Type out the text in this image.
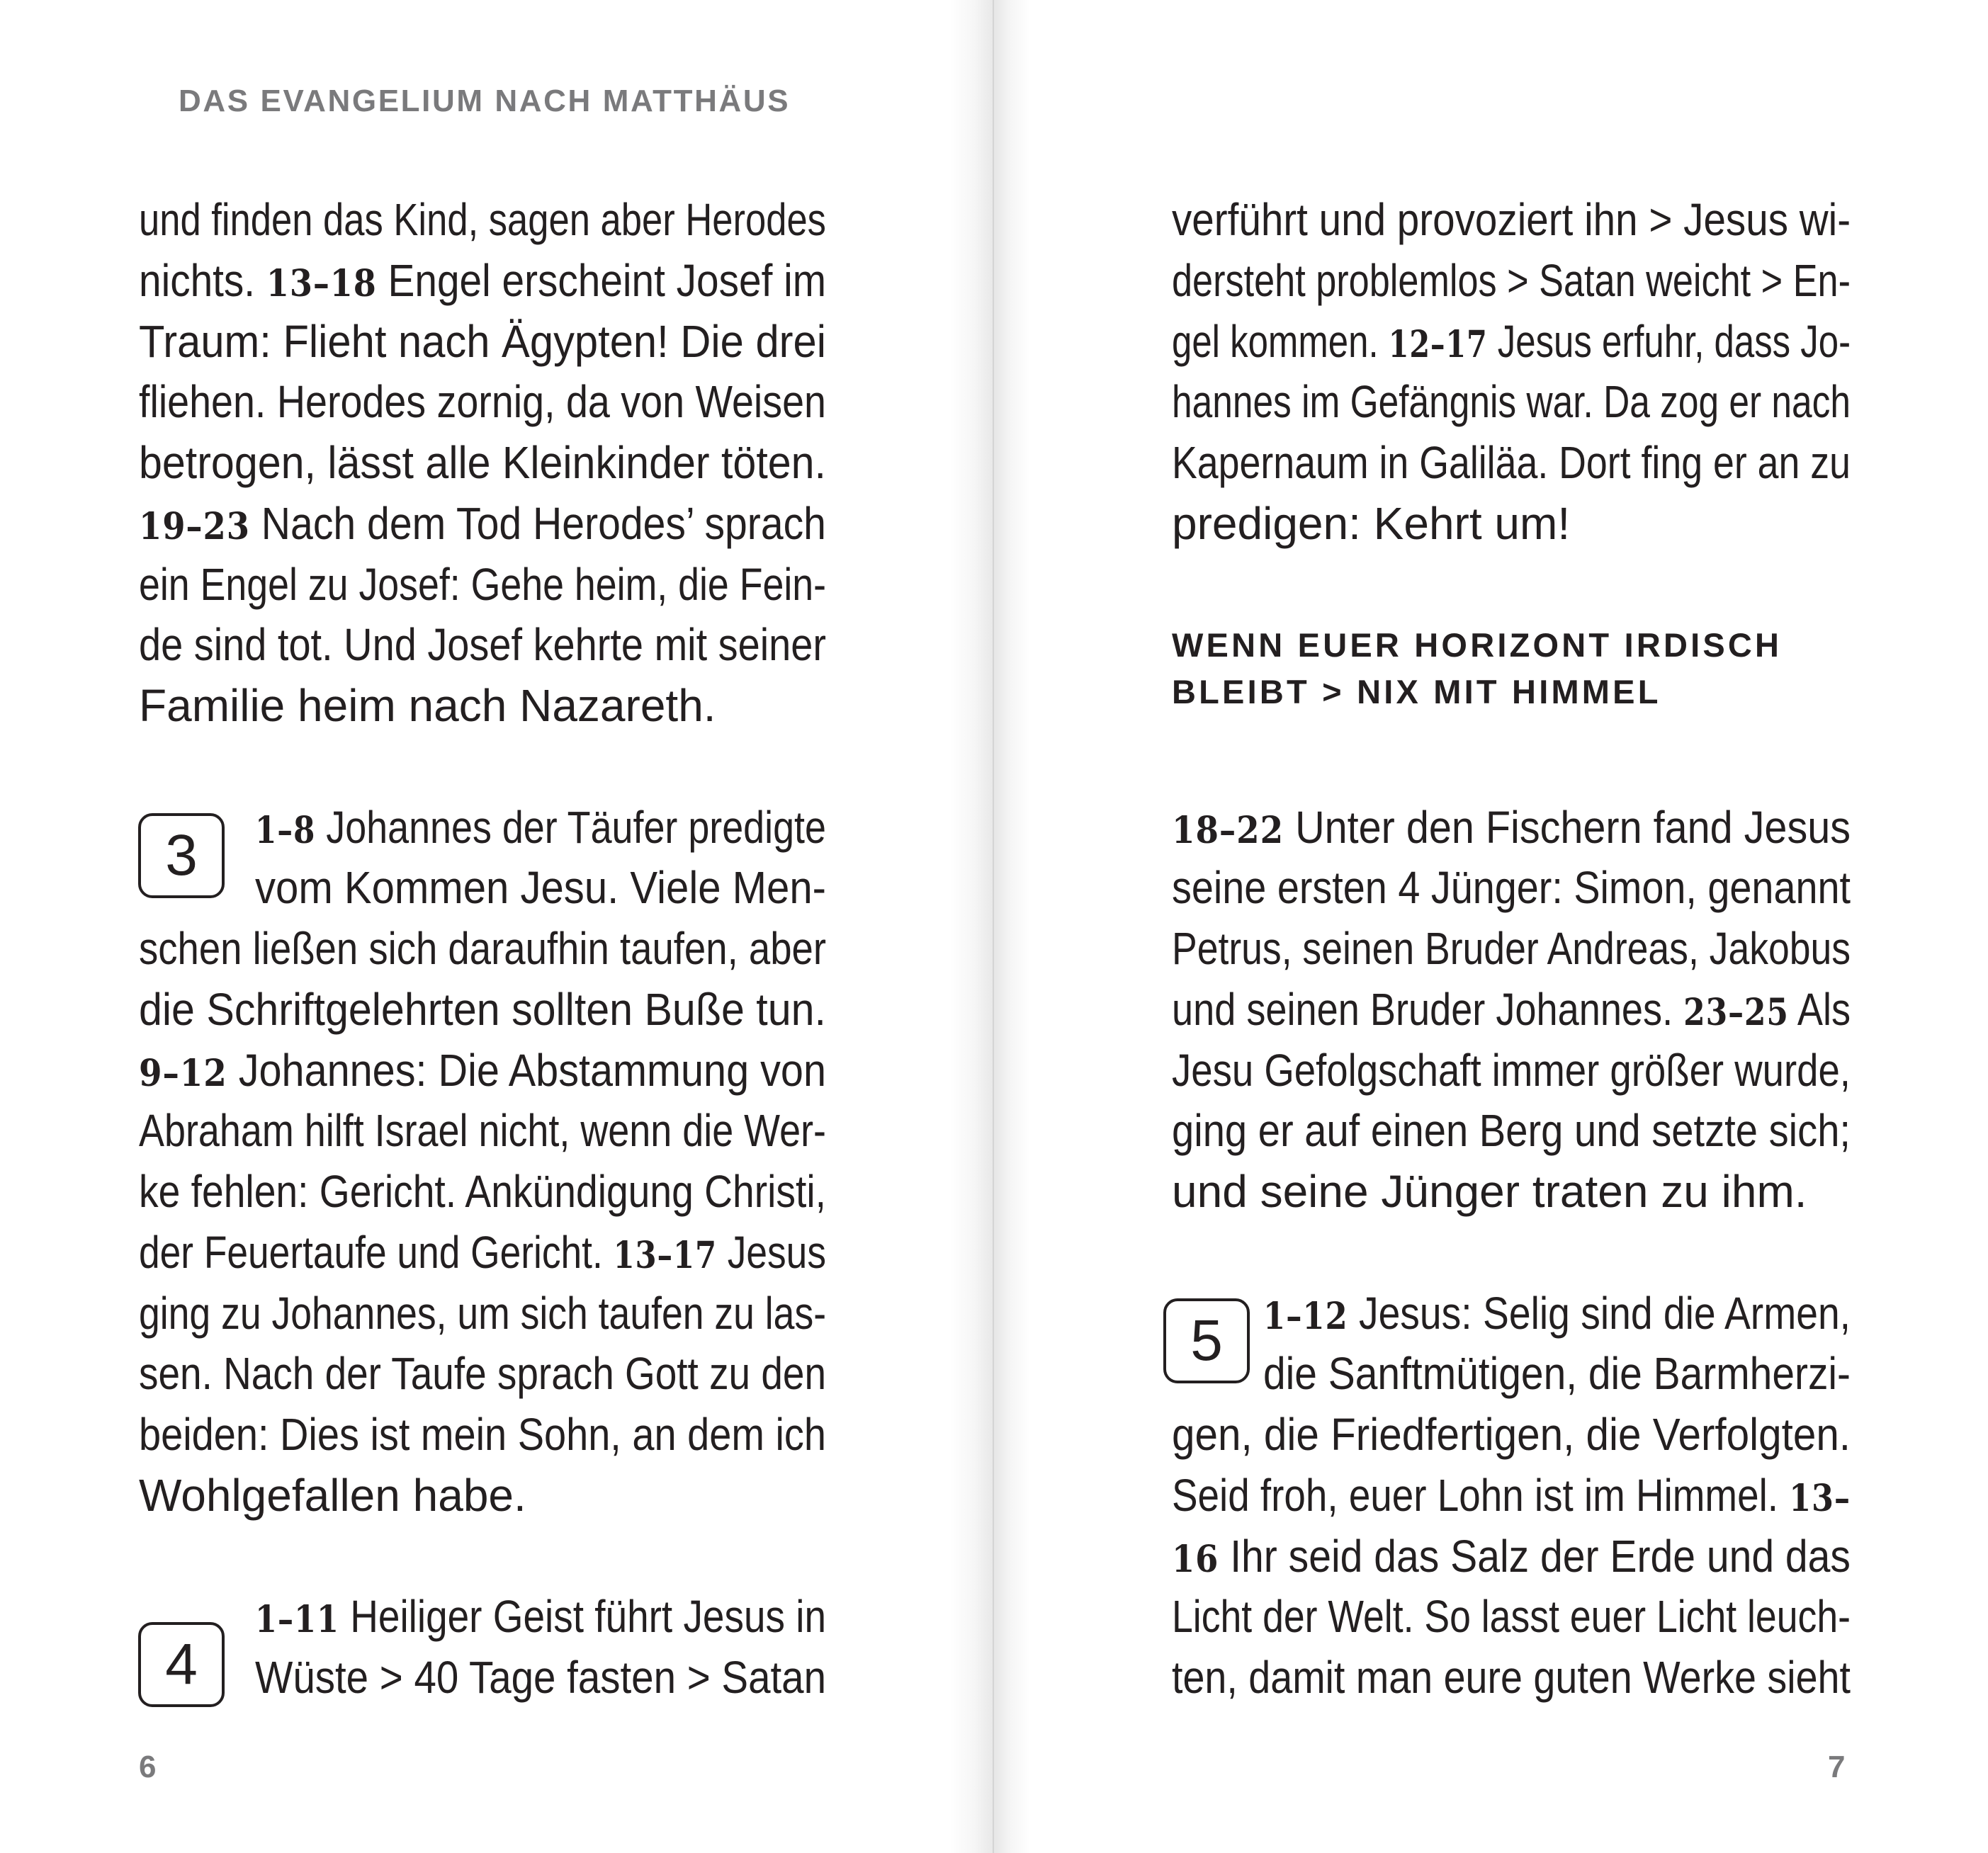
DAS EVANGELIUM NACH MATTHÄUS
3
4
5
WENN EUER HORIZONT IRDISCH
BLEIBT > NIX MIT HIMMEL
und finden das Kind, sagen aber Herodes
nichts. 13–18 Engel erscheint Josef im
Traum: Flieht nach Ägypten! Die drei
fliehen. Herodes zornig, da von Weisen
betrogen, lässt alle Kleinkinder töten.
19–23 Nach dem Tod Herodes’ sprach
ein Engel zu Josef: Gehe heim, die Fein-
de sind tot. Und Josef kehrte mit seiner
Familie heim nach Nazareth.
1–8 Johannes der Täufer predigte
vom Kommen Jesu. Viele Men-
schen ließen sich daraufhin taufen, aber
die Schriftgelehrten sollten Buße tun.
9–12 Johannes: Die Abstammung von
Abraham hilft Israel nicht, wenn die Wer-
ke fehlen: Gericht. Ankündigung Christi,
der Feuertaufe und Gericht. 13–17 Jesus
ging zu Johannes, um sich taufen zu las-
sen. Nach der Taufe sprach Gott zu den
beiden: Dies ist mein Sohn, an dem ich
Wohlgefallen habe.
1–11 Heiliger Geist führt Jesus in
Wüste > 40 Tage fasten > Satan
verführt und provoziert ihn > Jesus wi-
dersteht problemlos > Satan weicht > En-
gel kommen. 12–17 Jesus erfuhr, dass Jo-
hannes im Gefängnis war. Da zog er nach
Kapernaum in Galiläa. Dort fing er an zu
predigen: Kehrt um!
18–22 Unter den Fischern fand Jesus
seine ersten 4 Jünger: Simon, genannt
Petrus, seinen Bruder Andreas, Jakobus
und seinen Bruder Johannes. 23–25 Als
Jesu Gefolgschaft immer größer wurde,
ging er auf einen Berg und setzte sich;
und seine Jünger traten zu ihm.
1–12 Jesus: Selig sind die Armen,
die Sanftmütigen, die Barmherzi-
gen, die Friedfertigen, die Verfolgten.
Seid froh, euer Lohn ist im Himmel. 13–
16 Ihr seid das Salz der Erde und das
Licht der Welt. So lasst euer Licht leuch-
ten, damit man eure guten Werke sieht
6	7
